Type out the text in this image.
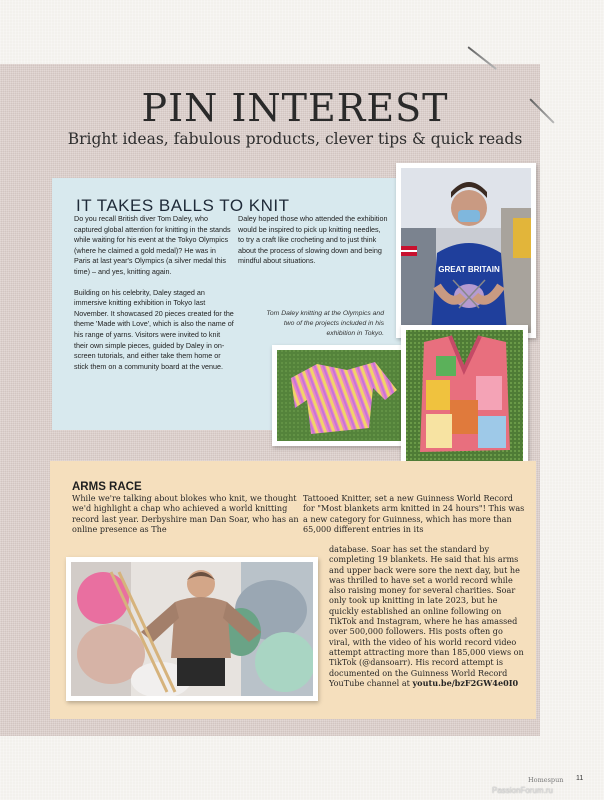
PIN INTEREST
Bright ideas, fabulous products, clever tips & quick reads
IT TAKES BALLS TO KNIT

Do you recall British diver Tom Daley, who captured global attention for knitting in the stands while waiting for his event at the Tokyo Olympics (where he claimed a gold medal)? He was in Paris at last year's Olympics (a silver medal this time) – and yes, knitting again.

Building on his celebrity, Daley staged an immersive knitting exhibition in Tokyo last November. It showcased 20 pieces created for the theme 'Made with Love', which is also the name of his range of yarns. Visitors were invited to knit their own simple pieces, guided by Daley in on-screen tutorials, and either take them home or stick them on a community board at the venue.

Daley hoped those who attended the exhibition would be inspired to pick up knitting needles, to try a craft like crocheting and to just think about the process of slowing down and being mindful about situations.

Tom Daley knitting at the Olympics and two of the projects included in his exhibition in Tokyo.
GREAT BRITAIN
ARMS RACE
While we're talking about blokes who knit, we thought we'd highlight a chap who achieved a world knitting record last year. Derbyshire man Dan Soar, who has an online presence as The
Tattooed Knitter, set a new Guinness World Record for "Most blankets arm knitted in 24 hours"! This was a new category for Guinness, which has more than 65,000 different entries in its
database. Soar has set the standard by completing 19 blankets. He said that his arms and upper back were sore the next day, but he was thrilled to have set a world record while also raising money for several charities. Soar only took up knitting in late 2023, but he quickly established an online following on TikTok and Instagram, where he has amassed over 500,000 followers. His posts often go viral, with the video of his world record video attempt attracting more than 185,000 views on TikTok (@dansoarr). His record attempt is documented on the Guinness World Record YouTube channel at youtu.be/bzF2GW4e0I0
Homespun 11
PassionForum.ru
